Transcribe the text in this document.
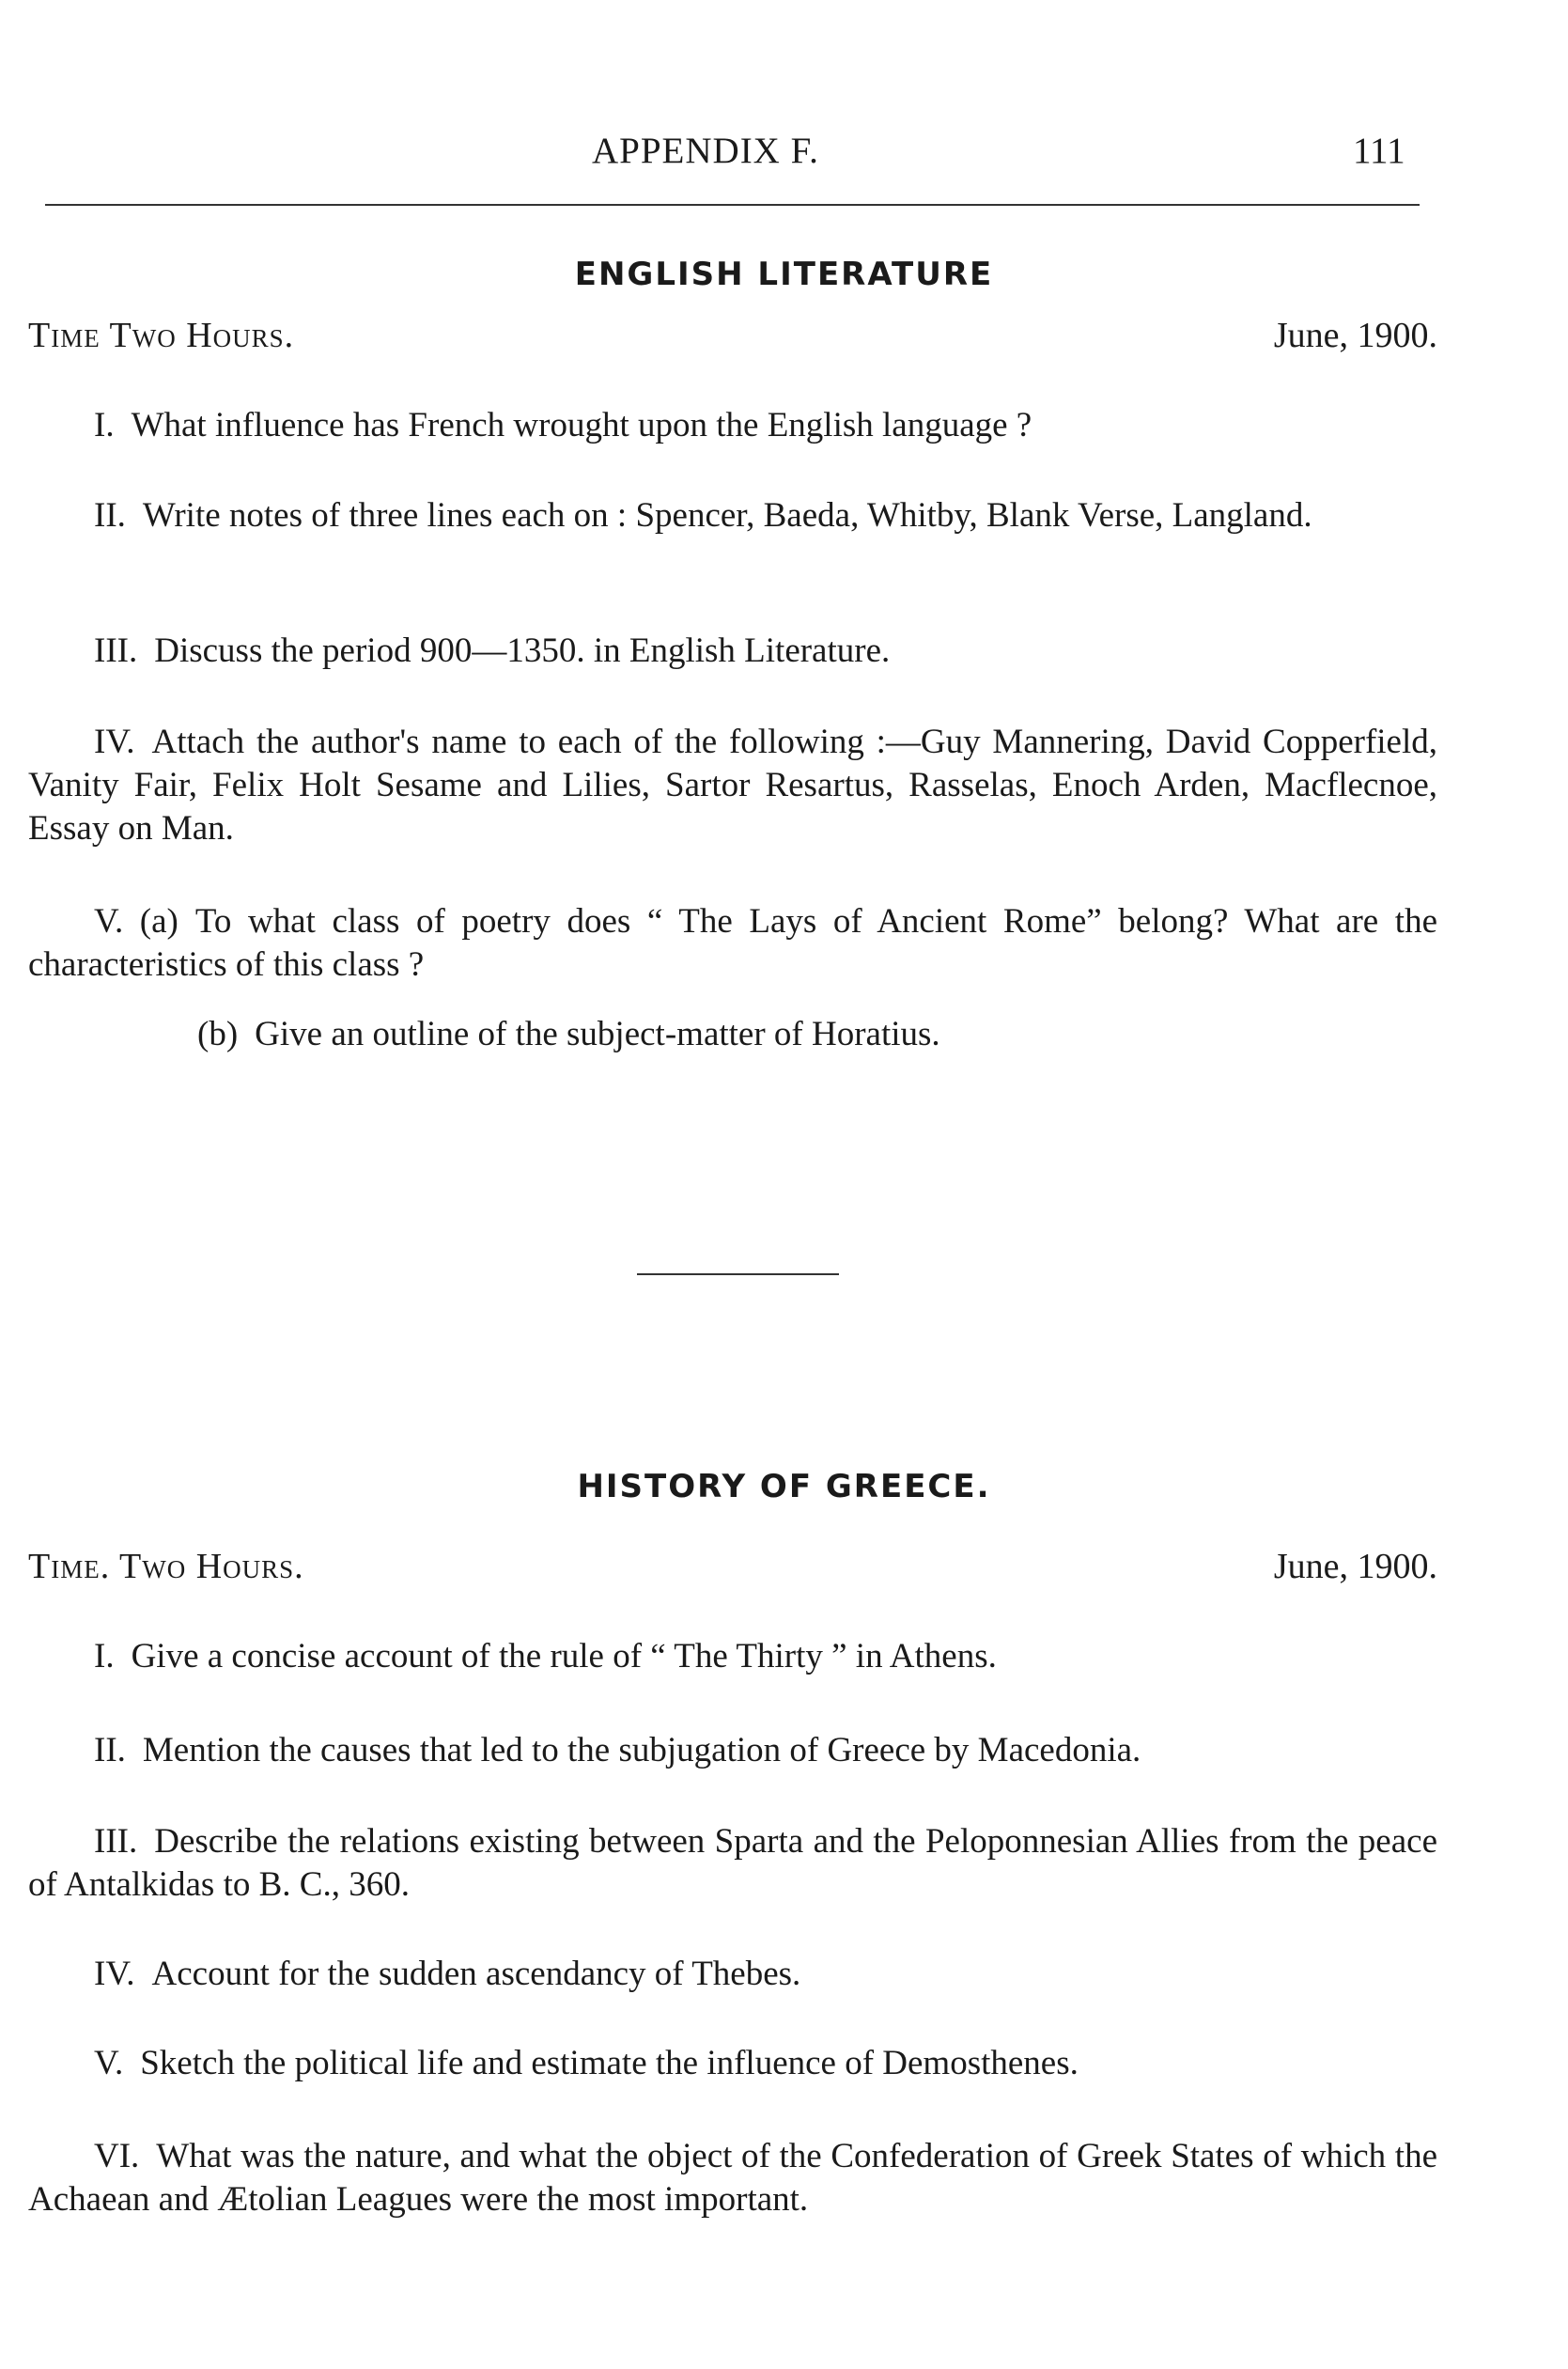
APPENDIX F.	111
ENGLISH LITERATURE
Time Two Hours.	June, 1900.

I. What influence has French wrought upon the English language ?

II. Write notes of three lines each on : Spencer, Baeda, Whitby, Blank Verse, Langland.

III. Discuss the period 900—1350. in English Literature.

IV. Attach the author's name to each of the following :—Guy Mannering, David Copperfield, Vanity Fair, Felix Holt Sesame and Lilies, Sartor Resartus, Rasselas, Enoch Arden, Macflecnoe, Essay on Man.

V. (a) To what class of poetry does “ The Lays of Ancient Rome” belong? What are the characteristics of this class ?

(b) Give an outline of the subject-matter of Horatius.

HISTORY OF GREECE.
Time. Two Hours.	June, 1900.

I. Give a concise account of the rule of “ The Thirty ” in Athens.

II. Mention the causes that led to the subjugation of Greece by Macedonia.

III. Describe the relations existing between Sparta and the Peloponnesian Allies from the peace of Antalkidas to B. C., 360.

IV. Account for the sudden ascendancy of Thebes.

V. Sketch the political life and estimate the influence of Demosthenes.

VI. What was the nature, and what the object of the Confederation of Greek States of which the Achaean and Ætolian Leagues were the most important.
